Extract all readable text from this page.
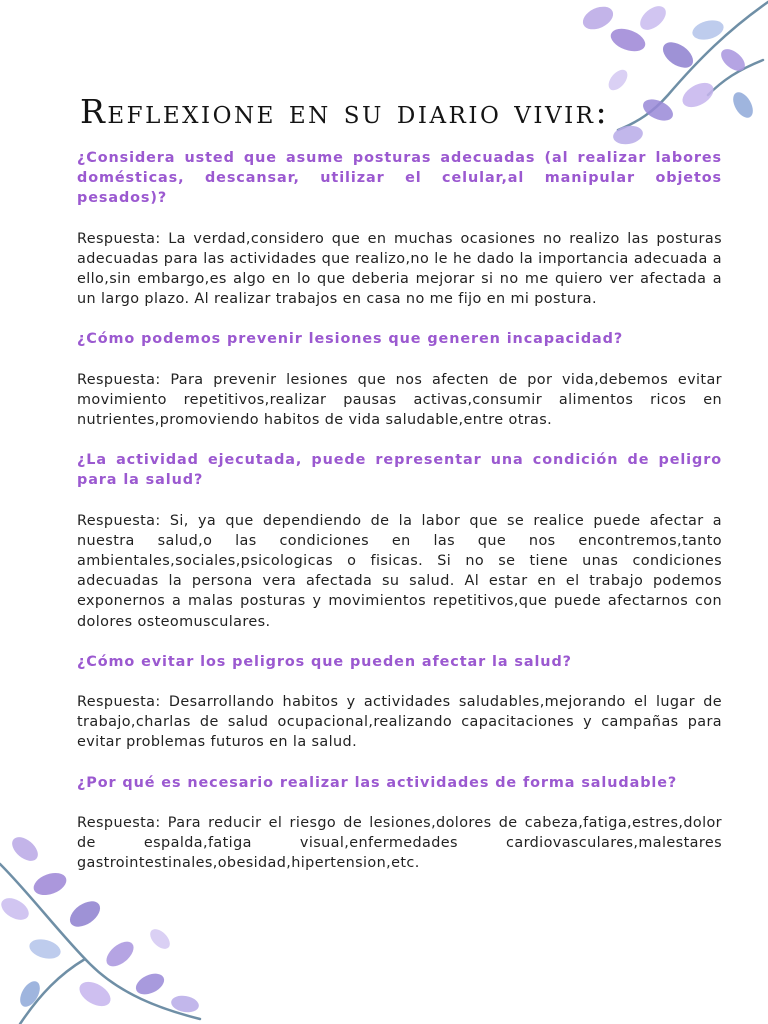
Reflexione en su diario vivir:

¿Considera usted que asume posturas adecuadas (al realizar labores domésticas, descansar, utilizar el celular,al manipular objetos pesados)?

Respuesta: La verdad,considero que en muchas ocasiones no realizo las posturas adecuadas para las actividades que realizo,no le he dado la importancia adecuada a ello,sin embargo,es algo en lo que deberia mejorar si no me quiero ver afectada a un largo plazo. Al realizar trabajos en casa no me fijo en mi postura.

¿Cómo podemos prevenir lesiones que generen incapacidad?

Respuesta: Para prevenir lesiones que nos afecten de por vida,debemos evitar movimiento repetitivos,realizar pausas activas,consumir alimentos ricos en nutrientes,promoviendo habitos de vida saludable,entre otras.

¿La actividad ejecutada, puede representar una condición de peligro para la salud?

Respuesta: Si, ya que dependiendo de la labor que se realice puede afectar a nuestra salud,o las condiciones en las que nos encontremos,tanto ambientales,sociales,psicologicas o fisicas. Si no se tiene unas condiciones adecuadas la persona vera afectada su salud. Al estar en el trabajo podemos exponernos a malas posturas y movimientos repetitivos,que puede afectarnos con dolores osteomusculares.

¿Cómo evitar los peligros que pueden afectar la salud?

Respuesta: Desarrollando habitos y actividades saludables,mejorando el lugar de trabajo,charlas de salud ocupacional,realizando capacitaciones y campañas para evitar problemas futuros en la salud.

¿Por qué es necesario realizar las actividades de forma saludable?

Respuesta: Para reducir el riesgo de lesiones,dolores de cabeza,fatiga,estres,dolor de espalda,fatiga visual,enfermedades cardiovasculares,malestares gastrointestinales,obesidad,hipertension,etc.
